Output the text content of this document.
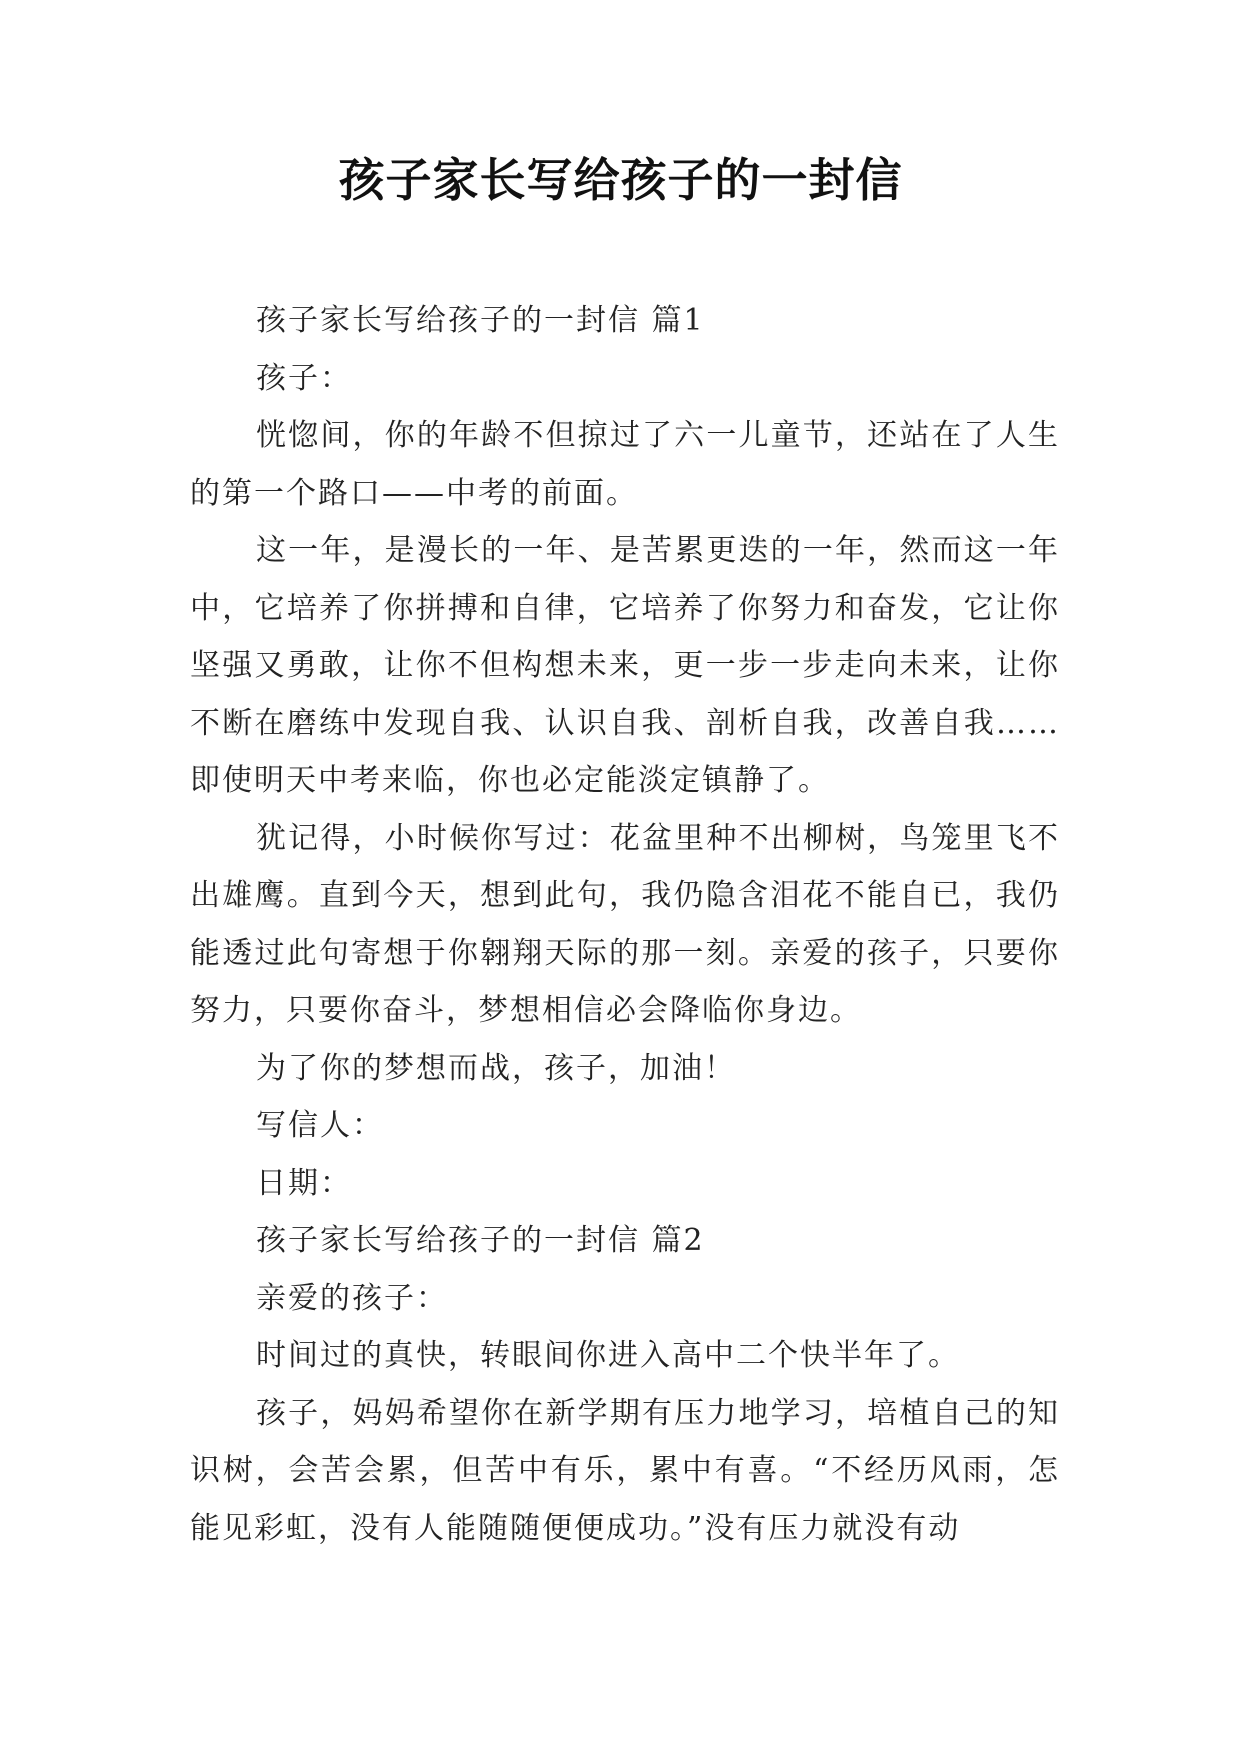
孩子家长写给孩子的一封信

孩子家长写给孩子的一封信 篇1

孩子：

恍惚间，你的年龄不但掠过了六一儿童节，还站在了人生的第一个路口——中考的前面。

这一年，是漫长的一年、是苦累更迭的一年，然而这一年中，它培养了你拼搏和自律，它培养了你努力和奋发，它让你坚强又勇敢，让你不但构想未来，更一步一步走向未来，让你不断在磨练中发现自我、认识自我、剖析自我，改善自我……即使明天中考来临，你也必定能淡定镇静了。

犹记得，小时候你写过：花盆里种不出柳树，鸟笼里飞不出雄鹰。直到今天，想到此句，我仍隐含泪花不能自已，我仍能透过此句寄想于你翱翔天际的那一刻。亲爱的孩子，只要你努力，只要你奋斗，梦想相信必会降临你身边。

为了你的梦想而战，孩子，加油！

写信人：

日期：

孩子家长写给孩子的一封信 篇2

亲爱的孩子：

时间过的真快，转眼间你进入高中二个快半年了。

孩子，妈妈希望你在新学期有压力地学习，培植自己的知识树，会苦会累，但苦中有乐，累中有喜。“不经历风雨，怎能见彩虹，没有人能随随便便成功。”没有压力就没有动
